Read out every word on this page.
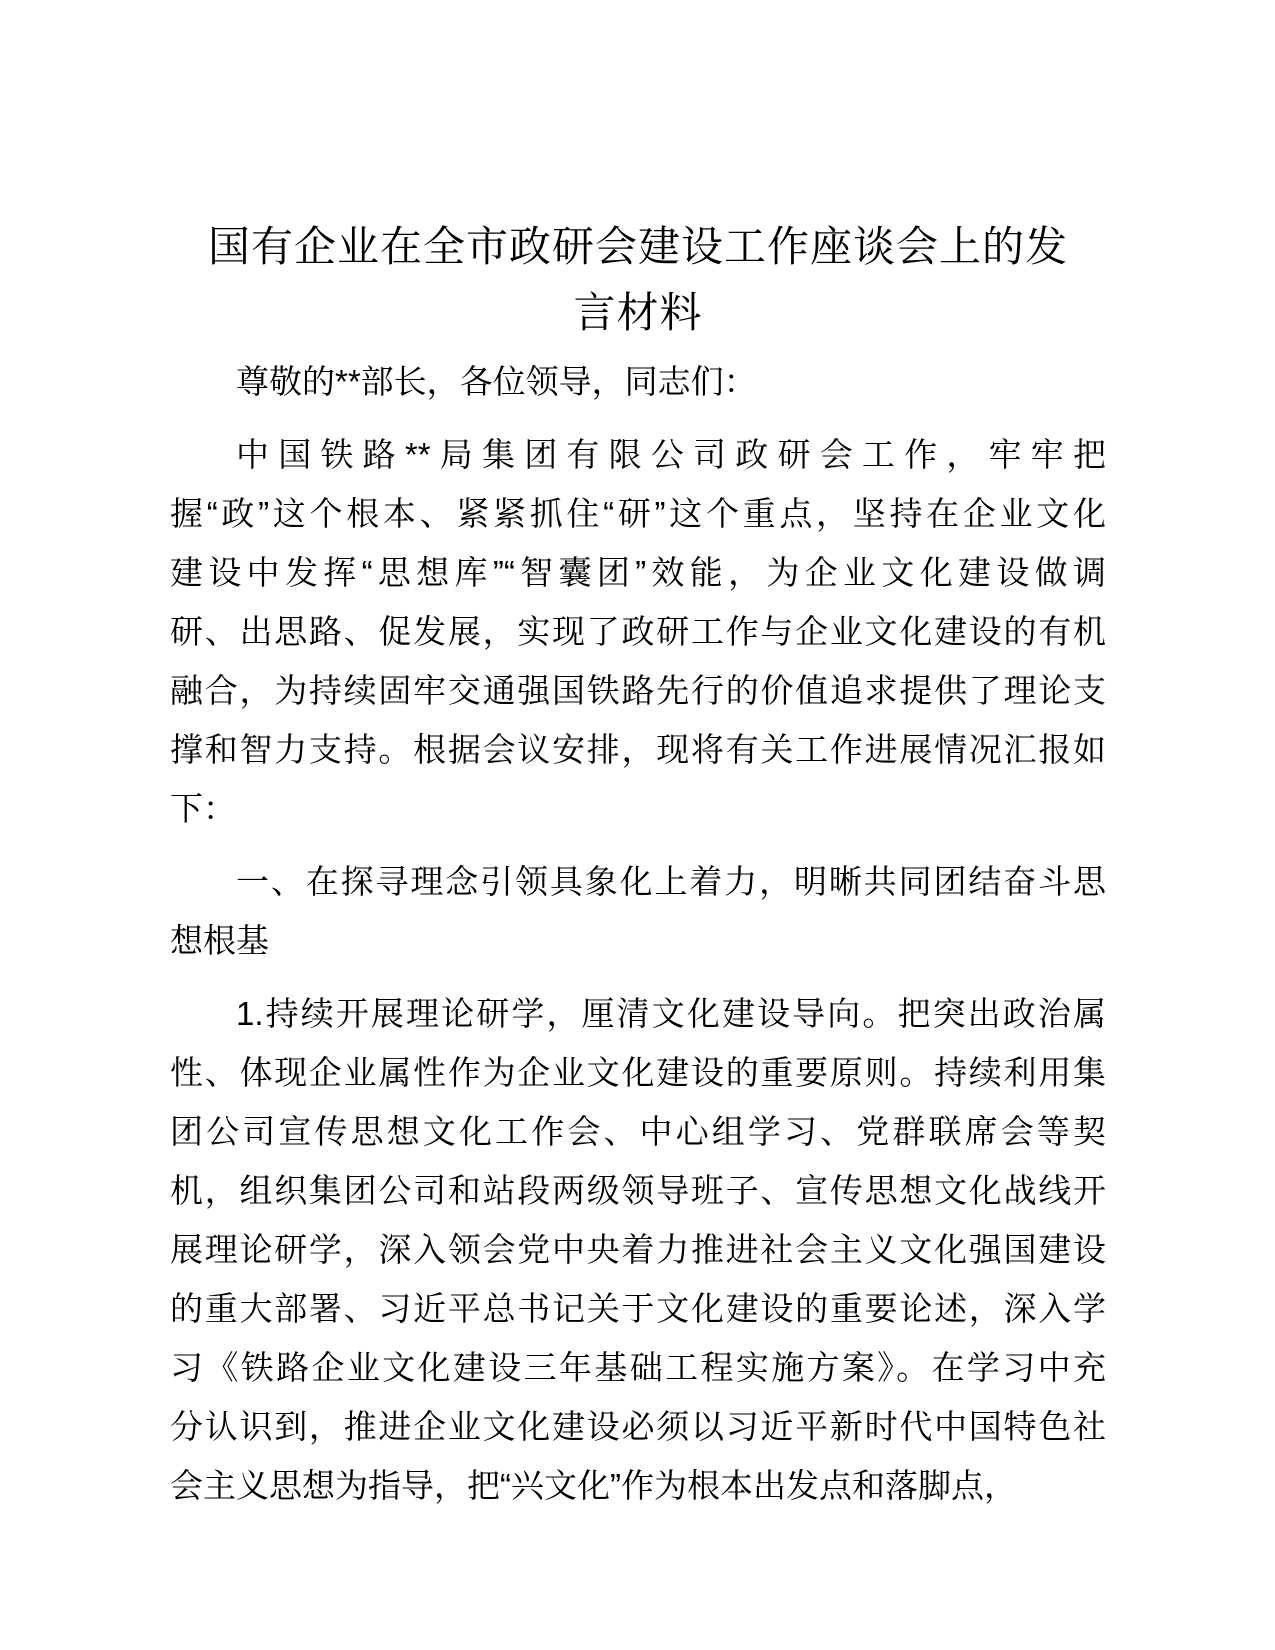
国有企业在全市政研会建设工作座谈会上的发
言材料
尊敬的**部长，各位领导，同志们：
中国铁路**局集团有限公司政研会工作，牢牢把
握“政”这个根本、紧紧抓住“研”这个重点，坚持在企业文化
建设中发挥“思想库”“智囊团”效能，为企业文化建设做调
研、出思路、促发展，实现了政研工作与企业文化建设的有机
融合，为持续固牢交通强国铁路先行的价值追求提供了理论支
撑和智力支持。根据会议安排，现将有关工作进展情况汇报如
下：
一、在探寻理念引领具象化上着力，明晰共同团结奋斗思
想根基
1.持续开展理论研学，厘清文化建设导向。把突出政治属
性、体现企业属性作为企业文化建设的重要原则。持续利用集
团公司宣传思想文化工作会、中心组学习、党群联席会等契
机，组织集团公司和站段两级领导班子、宣传思想文化战线开
展理论研学，深入领会党中央着力推进社会主义文化强国建设
的重大部署、习近平总书记关于文化建设的重要论述，深入学
习《铁路企业文化建设三年基础工程实施方案》。在学习中充
分认识到，推进企业文化建设必须以习近平新时代中国特色社
会主义思想为指导，把“兴文化”作为根本出发点和落脚点，
